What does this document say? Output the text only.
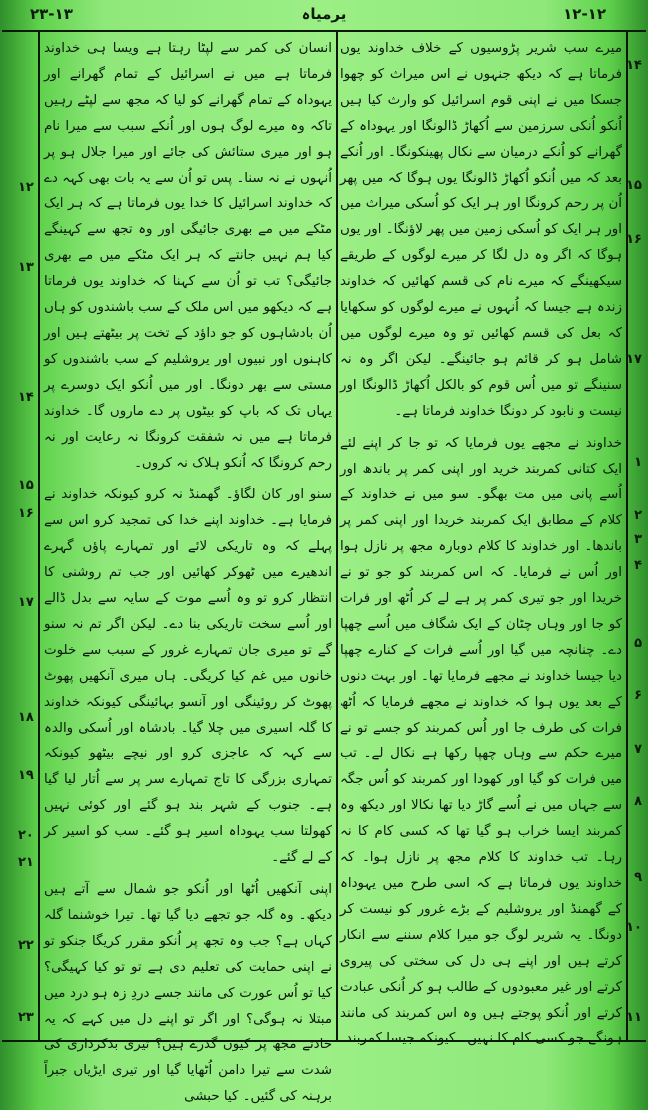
۲۳-۱۳	یرمیاہ	۱۲-۱۲

میرے سب شریر پڑوسیوں کے خلاف خداوند یوں فرماتا ہے کہ دیکھ جنہوں نے اس میراث کو چھوا جسکا میں نے اپنی قوم اسرائیل کو وارث کیا ہیں اُنکو اُنکی سرزمین سے اُکھاڑ ڈالونگا اور یہوداہ کے گھرانے کو اُنکے درمیان سے نکال پھینکونگا۔ اور اُنکے بعد کہ میں اُنکو اُکھاڑ ڈالونگا یوں ہوگا کہ میں پھر اُن پر رحم کرونگا اور ہر ایک کو اُسکی میراث میں اور ہر ایک کو اُسکی زمین میں پھر لاؤنگا۔ اور یوں ہوگا کہ اگر وہ دل لگا کر میرے لوگوں کے طریقے سیکھینگے کہ میرے نام کی قسم کھائیں کہ خداوند زندہ ہے جیسا کہ اُنہوں نے میرے لوگوں کو سکھایا کہ بعل کی قسم کھائیں تو وہ میرے لوگوں میں شامل ہو کر قائم ہو جائینگے۔ لیکن اگر وہ نہ سنینگے تو میں اُس قوم کو بالکل اُکھاڑ ڈالونگا اور نیست و نابود کر دونگا خداوند فرماتا ہے۔

خداوند نے مجھے یوں فرمایا کہ تو جا کر اپنے لئے ایک کتانی کمربند خرید اور اپنی کمر پر باندھ اور اُسے پانی میں مت بھگو۔ سو میں نے خداوند کے کلام کے مطابق ایک کمربند خریدا اور اپنی کمر پر باندھا۔ اور خداوند کا کلام دوبارہ مجھ پر نازل ہوا اور اُس نے فرمایا۔ کہ اس کمربند کو جو تو نے خریدا اور جو تیری کمر پر ہے لے کر اُٹھ اور فرات کو جا اور وہاں چٹان کے ایک شگاف میں اُسے چھپا دے۔ چنانچہ میں گیا اور اُسے فرات کے کنارے چھپا دیا جیسا خداوند نے مجھے فرمایا تھا۔ اور بہت دنوں کے بعد یوں ہوا کہ خداوند نے مجھے فرمایا کہ اُٹھ فرات کی طرف جا اور اُس کمربند کو جسے تو نے میرے حکم سے وہاں چھپا رکھا ہے نکال لے۔ تب میں فرات کو گیا اور کھودا اور کمربند کو اُس جگہ سے جہاں میں نے اُسے گاڑ دیا تھا نکالا اور دیکھ وہ کمربند ایسا خراب ہو گیا تھا کہ کسی کام کا نہ رہا۔ تب خداوند کا کلام مجھ پر نازل ہوا۔ کہ خداوند یوں فرماتا ہے کہ اسی طرح میں یہوداہ کے گھمنڈ اور یروشلیم کے بڑے غرور کو نیست کر دونگا۔ یہ شریر لوگ جو میرا کلام سننے سے انکار کرتے ہیں اور اپنے ہی دل کی سختی کی پیروی کرتے اور غیر معبودوں کے طالب ہو کر اُنکی عبادت کرتے اور اُنکو پوجتے ہیں وہ اس کمربند کی مانند ہونگے جو کسی کام کا نہیں۔ کیونکہ جیسا کمربند

انسان کی کمر سے لپٹا رہتا ہے ویسا ہی خداوند فرماتا ہے میں نے اسرائیل کے تمام گھرانے اور یہوداہ کے تمام گھرانے کو لیا کہ مجھ سے لپٹے رہیں تاکہ وہ میرے لوگ ہوں اور اُنکے سبب سے میرا نام ہو اور میری ستائش کی جائے اور میرا جلال ہو پر اُنہوں نے نہ سنا۔ پس تو اُن سے یہ بات بھی کہہ دے کہ خداوند اسرائیل کا خدا یوں فرماتا ہے کہ ہر ایک مٹکے میں مے بھری جائیگی اور وہ تجھ سے کہینگے کیا ہم نہیں جانتے کہ ہر ایک مٹکے میں مے بھری جائیگی؟ تب تو اُن سے کہنا کہ خداوند یوں فرماتا ہے کہ دیکھو میں اس ملک کے سب باشندوں کو ہاں اُن بادشاہوں کو جو داؤد کے تخت پر بیٹھتے ہیں اور کاہنوں اور نبیوں اور یروشلیم کے سب باشندوں کو مستی سے بھر دونگا۔ اور میں اُنکو ایک دوسرے پر یہاں تک کہ باپ کو بیٹوں پر دے ماروں گا۔ خداوند فرماتا ہے میں نہ شفقت کرونگا نہ رعایت اور نہ رحم کرونگا کہ اُنکو ہلاک نہ کروں۔

سنو اور کان لگاؤ۔ گھمنڈ نہ کرو کیونکہ خداوند نے فرمایا ہے۔ خداوند اپنے خدا کی تمجید کرو اس سے پہلے کہ وہ تاریکی لائے اور تمہارے پاؤں گہرے اندھیرے میں ٹھوکر کھائیں اور جب تم روشنی کا انتظار کرو تو وہ اُسے موت کے سایہ سے بدل ڈالے اور اُسے سخت تاریکی بنا دے۔ لیکن اگر تم نہ سنو گے تو میری جان تمہارے غرور کے سبب سے خلوت خانوں میں غم کیا کریگی۔ ہاں میری آنکھیں پھوٹ پھوٹ کر روئینگی اور آنسو بہائینگی کیونکہ خداوند کا گلہ اسیری میں چلا گیا۔ بادشاہ اور اُسکی والدہ سے کہہ کہ عاجزی کرو اور نیچے بیٹھو کیونکہ تمہاری بزرگی کا تاج تمہارے سر پر سے اُتار لیا گیا ہے۔ جنوب کے شہر بند ہو گئے اور کوئی نہیں کھولتا سب یہوداہ اسیر ہو گئے۔ سب کو اسیر کر کے لے گئے۔

اپنی آنکھیں اُٹھا اور اُنکو جو شمال سے آتے ہیں دیکھ۔ وہ گلہ جو تجھے دیا گیا تھا۔ تیرا خوشنما گلہ کہاں ہے؟ جب وہ تجھ پر اُنکو مقرر کریگا جنکو تو نے اپنی حمایت کی تعلیم دی ہے تو تو کیا کہیگی؟ کیا تو اُس عورت کی مانند جسے دردِ زہ ہو درد میں مبتلا نہ ہوگی؟ اور اگر تو اپنے دل میں کہے کہ یہ حادثے مجھ پر کیوں گذرے ہیں؟ تیری بدکرداری کی شدت سے تیرا دامن اُٹھایا گیا اور تیری ایڑیاں جبراً برہنہ کی گئیں۔ کیا حبشی

۱۴
۱۵
۱۶
۱۷
۱
۲
۳
۴
۵
۶
۷
۸
۹
۱۰
۱۱
۱۲
۱۳
۱۴
۱۵
۱۶
۱۷
۱۸
۱۹
۲۰
۲۱
۲۲
۲۳
